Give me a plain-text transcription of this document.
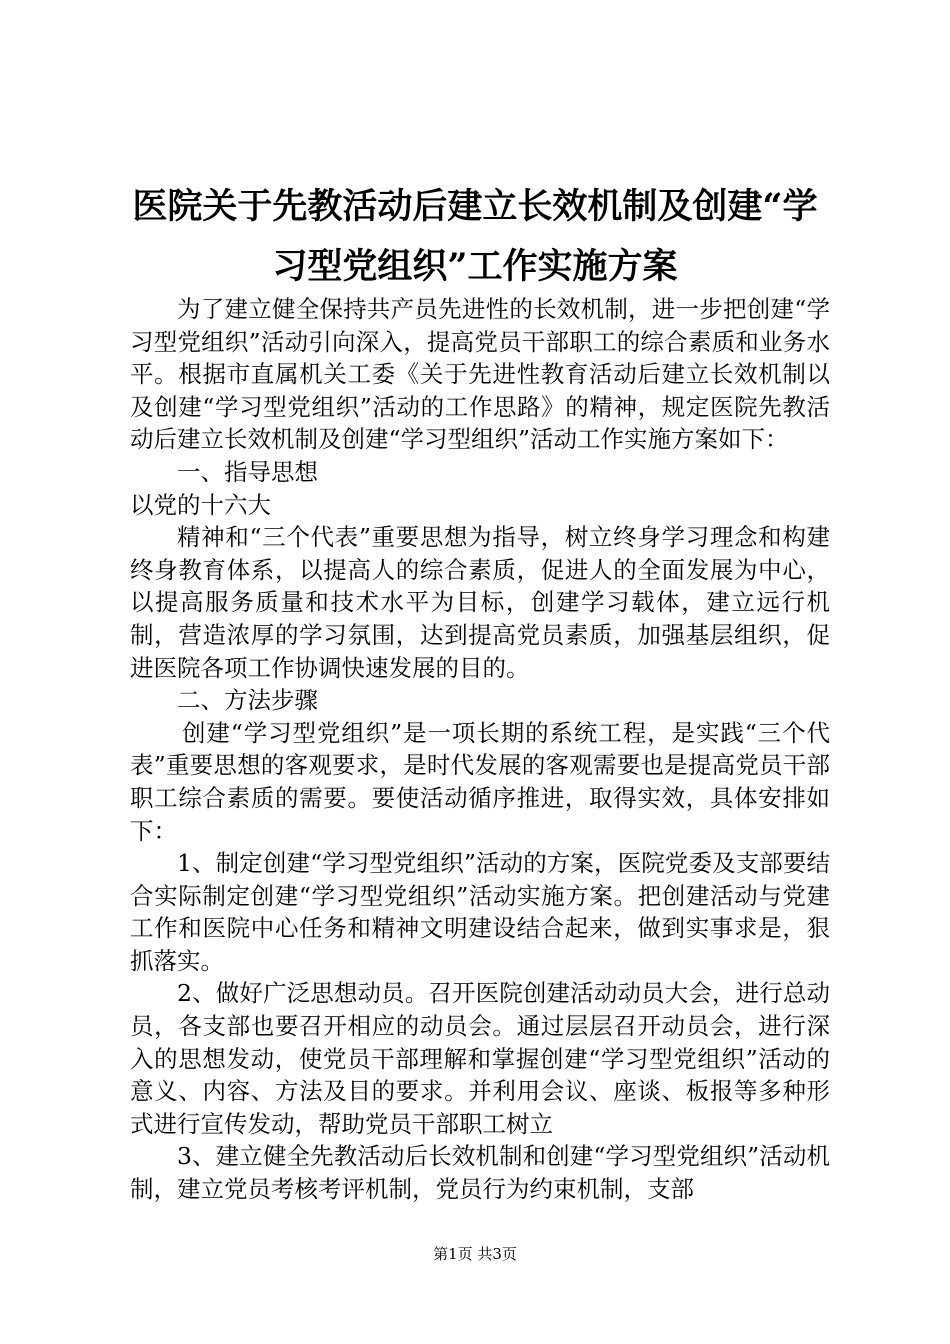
医院关于先教活动后建立长效机制及创建“学
习型党组织”工作实施方案

为了建立健全保持共产员先进性的长效机制，进一步把创建“学习型党组织”活动引向深入，提高党员干部职工的综合素质和业务水平。根据市直属机关工委《关于先进性教育活动后建立长效机制以及创建“学习型党组织”活动的工作思路》的精神，规定医院先教活动后建立长效机制及创建“学习型组织”活动工作实施方案如下：

一、指导思想

以党的十六大

精神和“三个代表”重要思想为指导，树立终身学习理念和构建终身教育体系，以提高人的综合素质，促进人的全面发展为中心，以提高服务质量和技术水平为目标，创建学习载体，建立远行机制，营造浓厚的学习氛围，达到提高党员素质，加强基层组织，促进医院各项工作协调快速发展的目的。

二、方法步骤

创建“学习型党组织”是一项长期的系统工程，是实践“三个代表”重要思想的客观要求，是时代发展的客观需要也是提高党员干部职工综合素质的需要。要使活动循序推进，取得实效，具体安排如下：

1、制定创建“学习型党组织”活动的方案，医院党委及支部要结合实际制定创建“学习型党组织”活动实施方案。把创建活动与党建工作和医院中心任务和精神文明建设结合起来，做到实事求是，狠抓落实。

2、做好广泛思想动员。召开医院创建活动动员大会，进行总动员，各支部也要召开相应的动员会。通过层层召开动员会，进行深入的思想发动，使党员干部理解和掌握创建“学习型党组织”活动的意义、内容、方法及目的要求。并利用会议、座谈、板报等多种形式进行宣传发动，帮助党员干部职工树立

3、建立健全先教活动后长效机制和创建“学习型党组织”活动机制，建立党员考核考评机制，党员行为约束机制，支部

第1页 共3页
